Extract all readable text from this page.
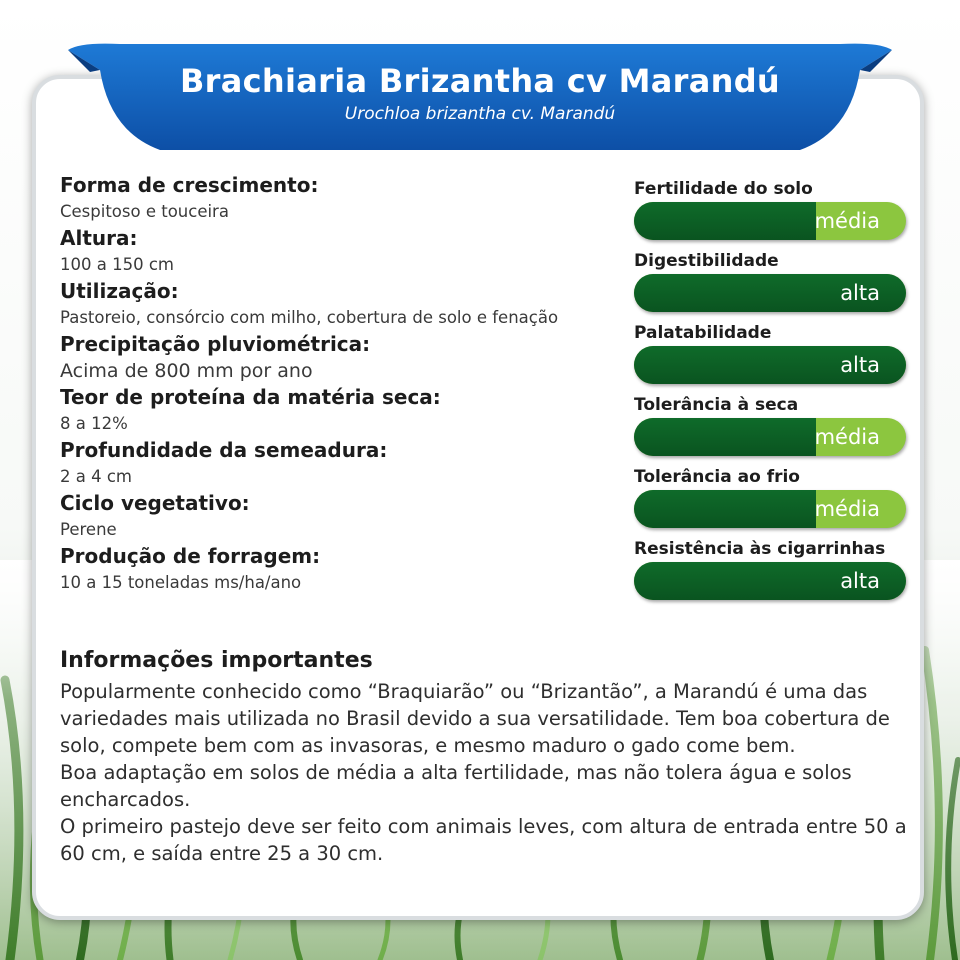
Brachiaria Brizantha cv Marandú
Urochloa brizantha cv. Marandú
Forma de crescimento:
Cespitoso e touceira
Altura:
100 a 150 cm
Utilização:
Pastoreio, consórcio com milho, cobertura de solo e fenação
Precipitação pluviométrica:
Acima de 800 mm por ano
Teor de proteína da matéria seca:
8 a 12%
Profundidade da semeadura:
2 a 4 cm
Ciclo vegetativo:
Perene
Produção de forragem:
10 a 15 toneladas ms/ha/ano
Fertilidade do solo
média
Digestibilidade
alta
Palatabilidade
alta
Tolerância à seca
média
Tolerância ao frio
média
Resistência às cigarrinhas
alta
Informações importantes

Popularmente conhecido como “Braquiarão” ou “Brizantão”, a Marandú é uma das variedades mais utilizada no Brasil devido a sua versatilidade. Tem boa cobertura de solo, compete bem com as invasoras, e mesmo maduro o gado come bem.

Boa adaptação em solos de média a alta fertilidade, mas não tolera água e solos encharcados.

O primeiro pastejo deve ser feito com animais leves, com altura de entrada entre 50 a 60 cm, e saída entre 25 a 30 cm.
